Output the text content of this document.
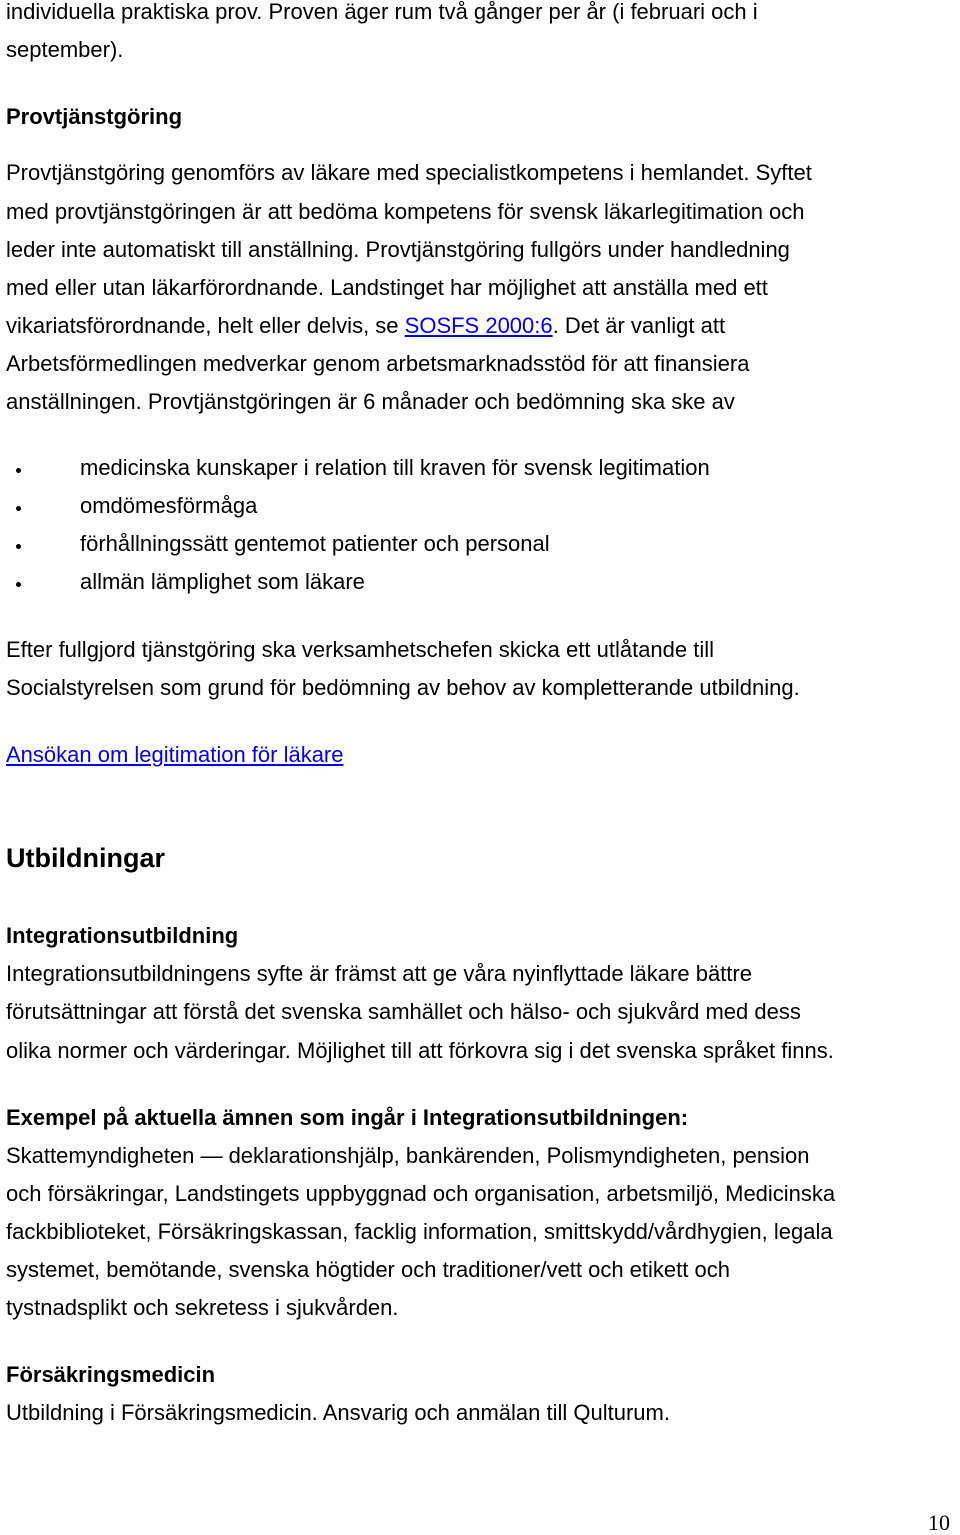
individuella praktiska prov. Proven äger rum två gånger per år (i februari och i
september).
Provtjänstgöring
Provtjänstgöring genomförs av läkare med specialistkompetens i hemlandet. Syftet
med provtjänstgöringen är att bedöma kompetens för svensk läkarlegitimation och
leder inte automatiskt till anställning. Provtjänstgöring fullgörs under handledning
med eller utan läkarförordnande. Landstinget har möjlighet att anställa med ett
vikariatsförordnande, helt eller delvis, se SOSFS 2000:6. Det är vanligt att
Arbetsförmedlingen medverkar genom arbetsmarknadsstöd för att finansiera
anställningen. Provtjänstgöringen är 6 månader och bedömning ska ske av
medicinska kunskaper i relation till kraven för svensk legitimation
omdömesförmåga
förhållningssätt gentemot patienter och personal
allmän lämplighet som läkare
Efter fullgjord tjänstgöring ska verksamhetschefen skicka ett utlåtande till
Socialstyrelsen som grund för bedömning av behov av kompletterande utbildning.
Ansökan om legitimation för läkare
Utbildningar
Integrationsutbildning
Integrationsutbildningens syfte är främst att ge våra nyinflyttade läkare bättre
förutsättningar att förstå det svenska samhället och hälso- och sjukvård med dess
olika normer och värderingar. Möjlighet till att förkovra sig i det svenska språket finns.
Exempel på aktuella ämnen som ingår i Integrationsutbildningen:
Skattemyndigheten — deklarationshjälp, bankärenden, Polismyndigheten, pension
och försäkringar, Landstingets uppbyggnad och organisation, arbetsmiljö, Medicinska
fackbiblioteket, Försäkringskassan, facklig information, smittskydd/vårdhygien, legala
systemet, bemötande, svenska högtider och traditioner/vett och etikett och
tystnadsplikt och sekretess i sjukvården.
Försäkringsmedicin
Utbildning i Försäkringsmedicin. Ansvarig och anmälan till Qulturum.
10
